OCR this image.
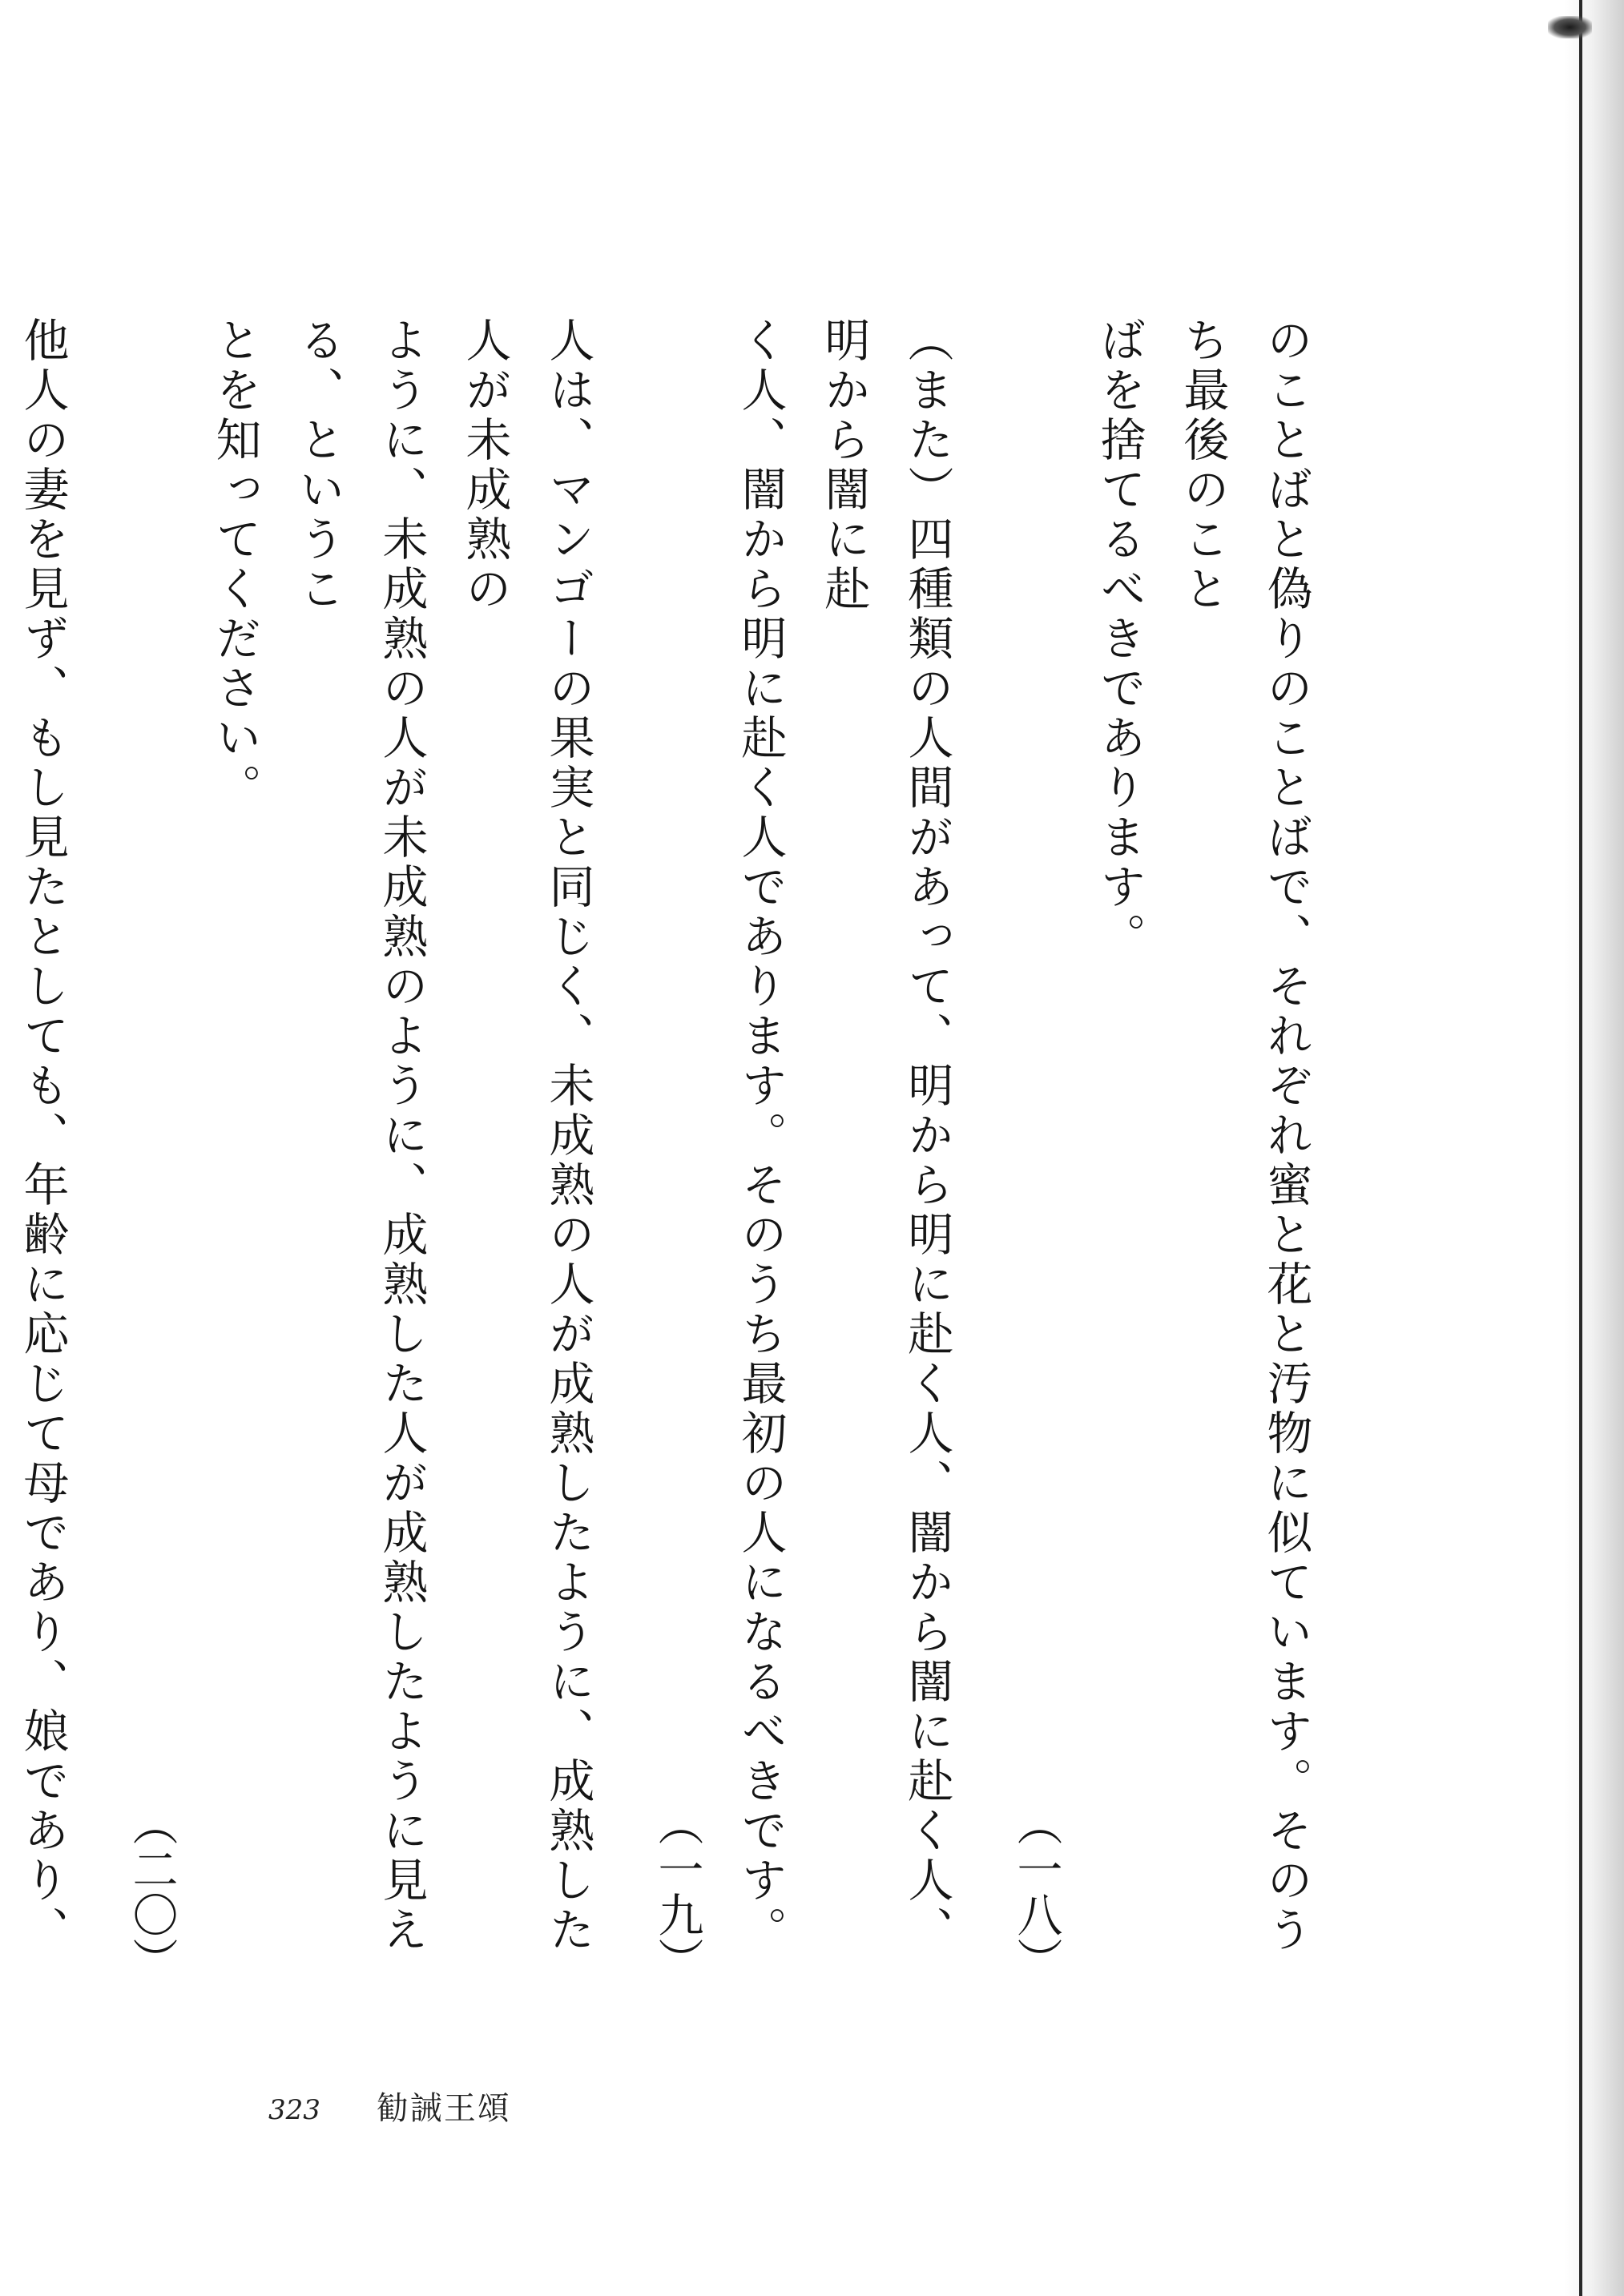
のことばと偽りのことばで、それぞれ蜜と花と汚物に似ています。そのうち最後のこと
ばを捨てるべきであります。
（一八）
（また）四種類の人間があって、明から明に赴く人、闇から闇に赴く人、明から闇に赴
く人、闇から明に赴く人であります。そのうち最初の人になるべきです。
（一九）
人は、マンゴーの果実と同じく、未成熟の人が成熟したように、成熟した人が未成熟の
ように、未成熟の人が未成熟のように、成熟した人が成熟したように見える、というこ
とを知ってください。
（二〇）
他人の妻を見ず、もし見たとしても、年齢に応じて母であり、娘であり、
323 勧誡王頌
